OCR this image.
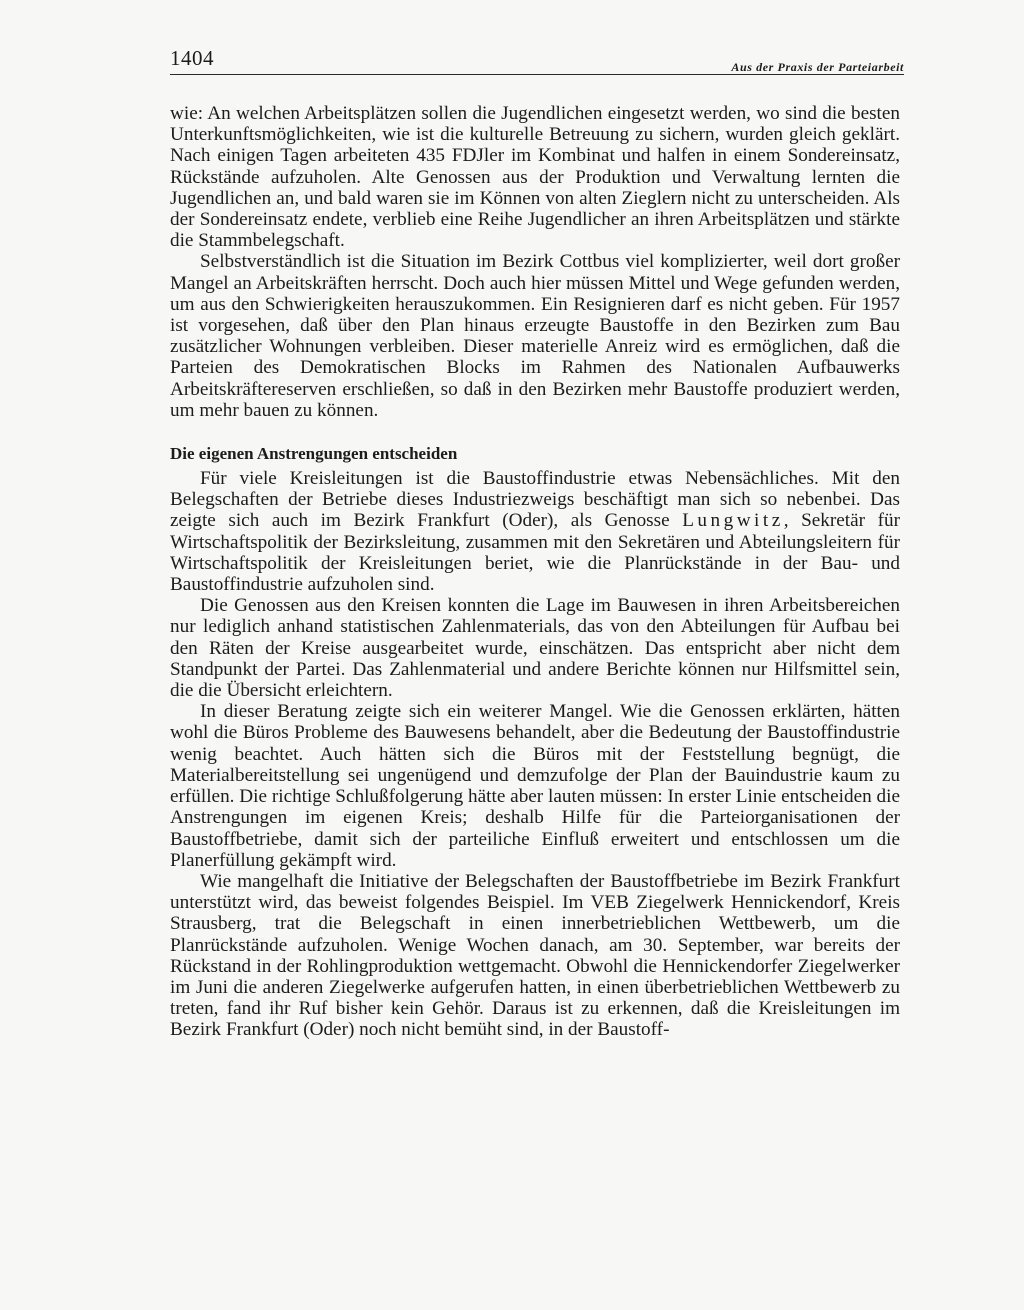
1404	Aus der Praxis der Parteiarbeit

wie: An welchen Arbeitsplätzen sollen die Jugendlichen eingesetzt werden, wo sind die besten Unterkunftsmöglichkeiten, wie ist die kulturelle Betreuung zu sichern, wurden gleich geklärt. Nach einigen Tagen arbeiteten 435 FDJler im Kombinat und halfen in einem Sondereinsatz, Rückstände aufzuholen. Alte Genossen aus der Produktion und Verwaltung lernten die Jugendlichen an, und bald waren sie im Können von alten Zieglern nicht zu unterscheiden. Als der Sondereinsatz endete, verblieb eine Reihe Jugendlicher an ihren Arbeitsplätzen und stärkte die Stammbelegschaft.

Selbstverständlich ist die Situation im Bezirk Cottbus viel komplizierter, weil dort großer Mangel an Arbeitskräften herrscht. Doch auch hier müssen Mittel und Wege gefunden werden, um aus den Schwierigkeiten herauszukommen. Ein Resignieren darf es nicht geben. Für 1957 ist vorgesehen, daß über den Plan hinaus erzeugte Baustoffe in den Bezirken zum Bau zusätzlicher Wohnungen verbleiben. Dieser materielle Anreiz wird es ermöglichen, daß die Parteien des Demokratischen Blocks im Rahmen des Nationalen Aufbauwerks Arbeitskräftereserven erschließen, so daß in den Bezirken mehr Baustoffe produziert werden, um mehr bauen zu können.

Die eigenen Anstrengungen entscheiden

Für viele Kreisleitungen ist die Baustoffindustrie etwas Nebensächliches. Mit den Belegschaften der Betriebe dieses Industriezweigs beschäftigt man sich so nebenbei. Das zeigte sich auch im Bezirk Frankfurt (Oder), als Genosse Lungwitz, Sekretär für Wirtschaftspolitik der Bezirksleitung, zusammen mit den Sekretären und Abteilungsleitern für Wirtschaftspolitik der Kreisleitungen beriet, wie die Planrückstände in der Bau- und Baustoffindustrie aufzuholen sind.

Die Genossen aus den Kreisen konnten die Lage im Bauwesen in ihren Arbeitsbereichen nur lediglich anhand statistischen Zahlenmaterials, das von den Abteilungen für Aufbau bei den Räten der Kreise ausgearbeitet wurde, einschätzen. Das entspricht aber nicht dem Standpunkt der Partei. Das Zahlenmaterial und andere Berichte können nur Hilfsmittel sein, die die Übersicht erleichtern.

In dieser Beratung zeigte sich ein weiterer Mangel. Wie die Genossen erklärten, hätten wohl die Büros Probleme des Bauwesens behandelt, aber die Bedeutung der Baustoffindustrie wenig beachtet. Auch hätten sich die Büros mit der Feststellung begnügt, die Materialbereitstellung sei ungenügend und demzufolge der Plan der Bauindustrie kaum zu erfüllen. Die richtige Schlußfolgerung hätte aber lauten müssen: In erster Linie entscheiden die Anstrengungen im eigenen Kreis; deshalb Hilfe für die Parteiorganisationen der Baustoffbetriebe, damit sich der parteiliche Einfluß erweitert und entschlossen um die Planerfüllung gekämpft wird.

Wie mangelhaft die Initiative der Belegschaften der Baustoffbetriebe im Bezirk Frankfurt unterstützt wird, das beweist folgendes Beispiel. Im VEB Ziegelwerk Hennickendorf, Kreis Strausberg, trat die Belegschaft in einen innerbetrieblichen Wettbewerb, um die Planrückstände aufzuholen. Wenige Wochen danach, am 30. September, war bereits der Rückstand in der Rohlingproduktion wettgemacht. Obwohl die Hennickendorfer Ziegelwerker im Juni die anderen Ziegelwerke aufgerufen hatten, in einen überbetrieblichen Wettbewerb zu treten, fand ihr Ruf bisher kein Gehör. Daraus ist zu erkennen, daß die Kreisleitungen im Bezirk Frankfurt (Oder) noch nicht bemüht sind, in der Baustoff-
